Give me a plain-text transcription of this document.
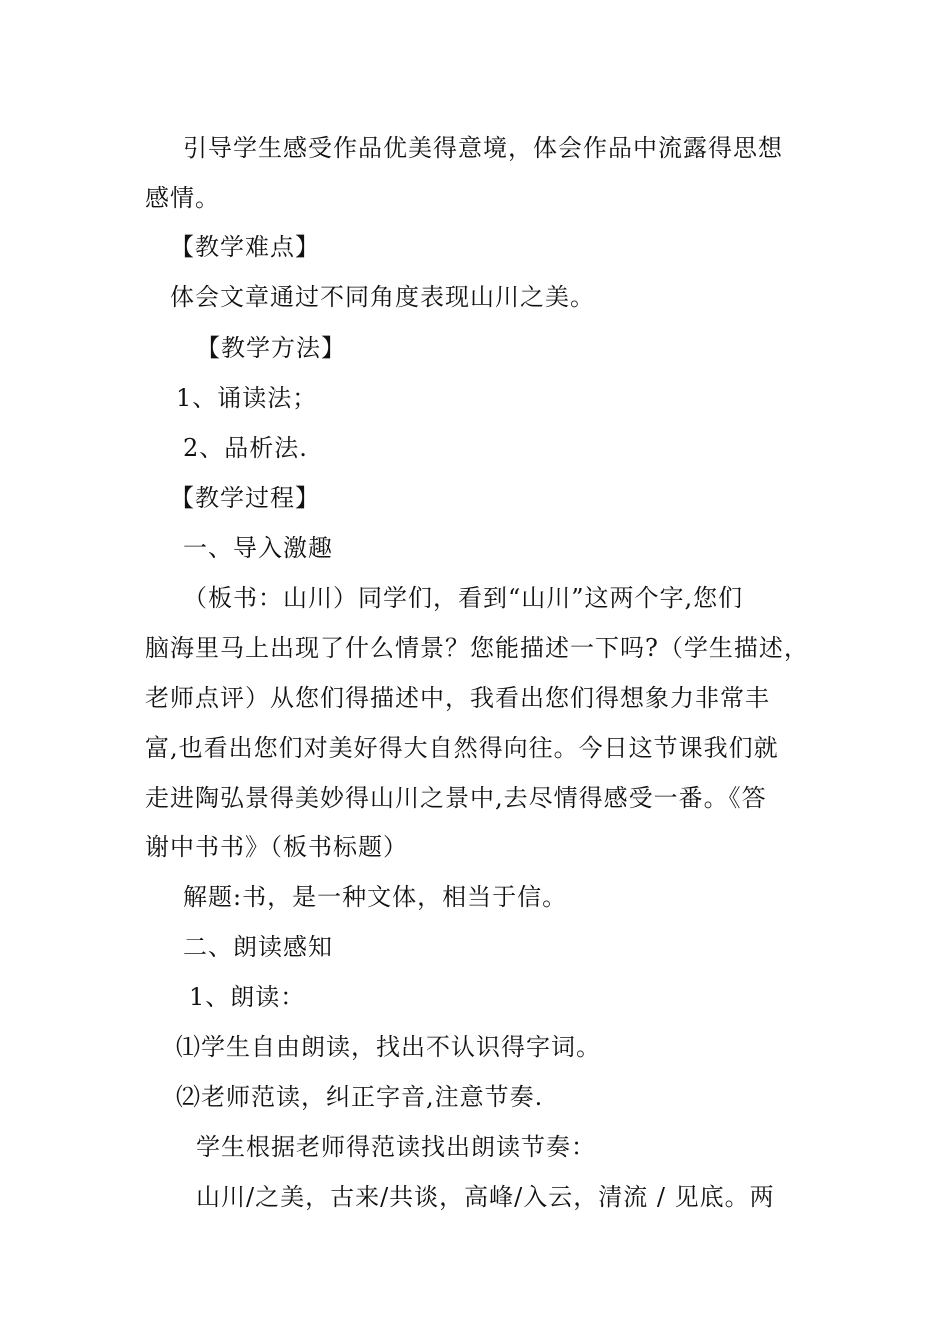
引导学生感受作品优美得意境，体会作品中流露得思想
感情。
【教学难点】
体会文章通过不同角度表现山川之美。
【教学方法】
1、诵读法；
2、品析法.
【教学过程】
一、导入激趣
（板书：山川）同学们，看到“山川”这两个字,您们
脑海里马上出现了什么情景？您能描述一下吗?（学生描述，
老师点评）从您们得描述中，我看出您们得想象力非常丰
富,也看出您们对美好得大自然得向往。今日这节课我们就
走进陶弘景得美妙得山川之景中,去尽情得感受一番。《答
谢中书书》（板书标题）
解题:书，是一种文体，相当于信。
二、朗读感知
1、朗读：
⑴学生自由朗读，找出不认识得字词。
⑵老师范读，纠正字音,注意节奏.
学生根据老师得范读找出朗读节奏：
山川/之美，古来/共谈，高峰/入云，清流 / 见底。两
